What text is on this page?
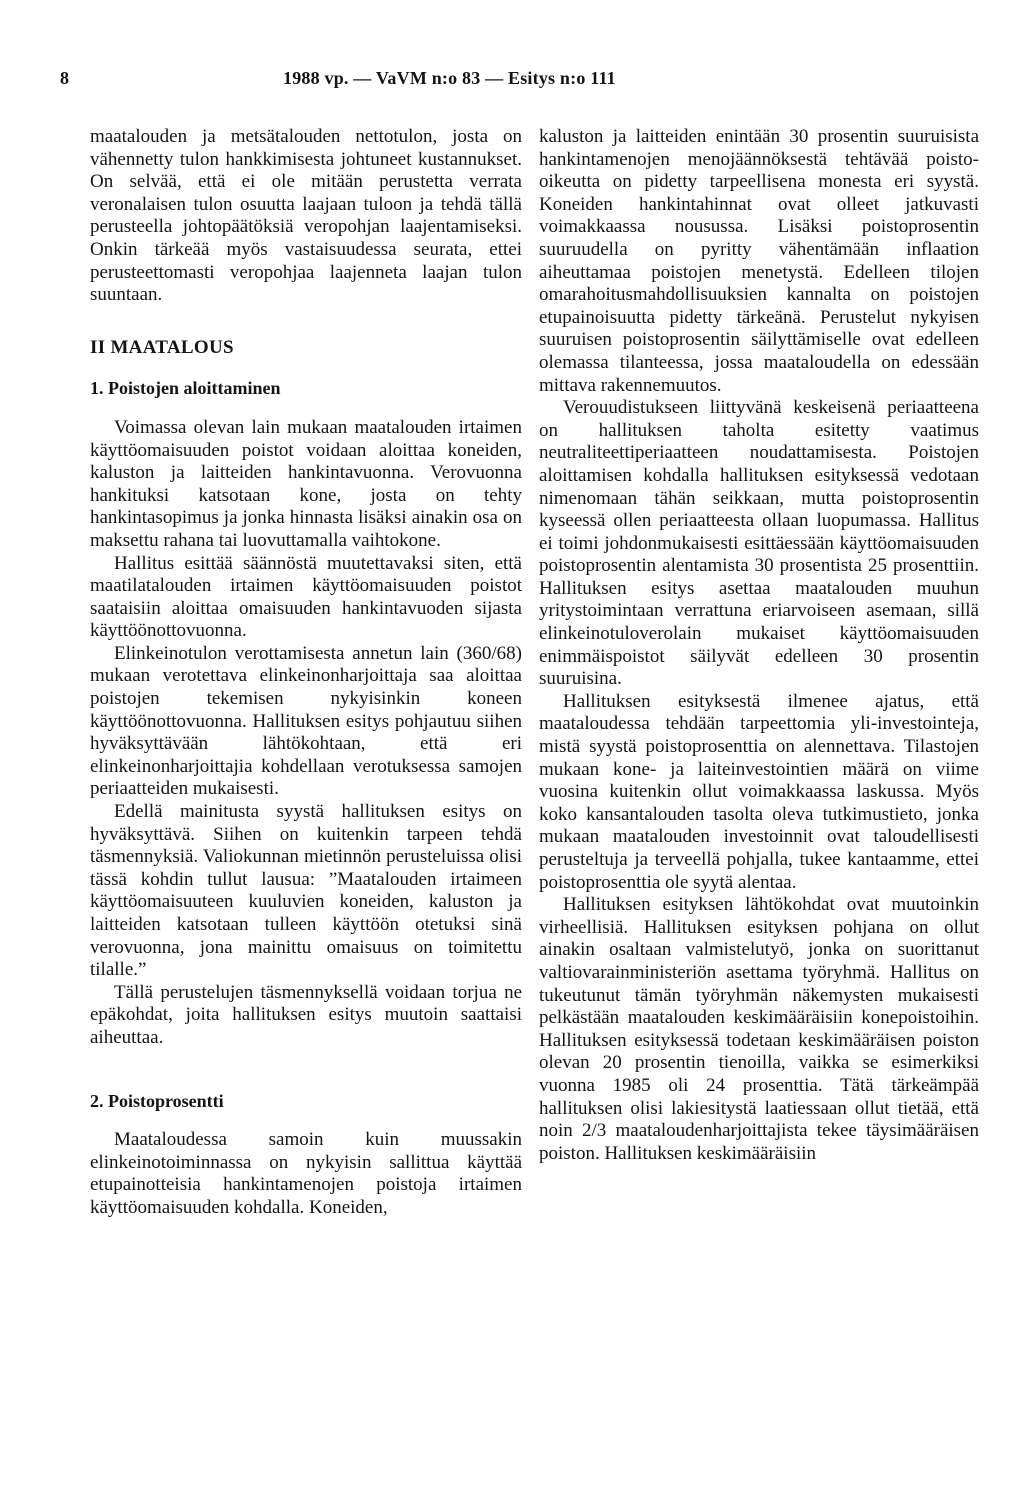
8	1988 vp. — VaVM n:o 83 — Esitys n:o 111

maatalouden ja metsätalouden nettotulon, josta on vähennetty tulon hankkimisesta johtuneet kustannukset. On selvää, että ei ole mitään perustetta verrata veronalaisen tulon osuutta laajaan tuloon ja tehdä tällä perusteella johtopäätöksiä veropohjan laajentamiseksi. Onkin tärkeää myös vastaisuudessa seurata, ettei perusteettomasti veropohjaa laajenneta laajan tulon suuntaan.

II MAATALOUS
1. Poistojen aloittaminen

Voimassa olevan lain mukaan maatalouden irtaimen käyttöomaisuuden poistot voidaan aloittaa koneiden, kaluston ja laitteiden hankintavuonna. Verovuonna hankituksi katsotaan kone, josta on tehty hankintasopimus ja jonka hinnasta lisäksi ainakin osa on maksettu rahana tai luovuttamalla vaihtokone.

Hallitus esittää säännöstä muutettavaksi siten, että maatilatalouden irtaimen käyttöomaisuuden poistot saataisiin aloittaa omaisuuden hankintavuoden sijasta käyttöönottovuonna.

Elinkeinotulon verottamisesta annetun lain (360/68) mukaan verotettava elinkeinonharjoittaja saa aloittaa poistojen tekemisen nykyisinkin koneen käyttöönottovuonna. Hallituksen esitys pohjautuu siihen hyväksyttävään lähtökohtaan, että eri elinkeinonharjoittajia kohdellaan verotuksessa samojen periaatteiden mukaisesti.

Edellä mainitusta syystä hallituksen esitys on hyväksyttävä. Siihen on kuitenkin tarpeen tehdä täsmennyksiä. Valiokunnan mietinnön perusteluissa olisi tässä kohdin tullut lausua: ”Maatalouden irtaimeen käyttöomaisuuteen kuuluvien koneiden, kaluston ja laitteiden katsotaan tulleen käyttöön otetuksi sinä verovuonna, jona mainittu omaisuus on toimitettu tilalle.”

Tällä perustelujen täsmennyksellä voidaan torjua ne epäkohdat, joita hallituksen esitys muutoin saattaisi aiheuttaa.

2. Poistoprosentti

Maataloudessa samoin kuin muussakin elinkeinotoiminnassa on nykyisin sallittua käyttää etupainotteisia hankintamenojen poistoja irtaimen käyttöomaisuuden kohdalla. Koneiden,

kaluston ja laitteiden enintään 30 prosentin suuruisista hankintamenojen menojäännöksestä tehtävää poisto-oikeutta on pidetty tarpeellisena monesta eri syystä. Koneiden hankintahinnat ovat olleet jatkuvasti voimakkaassa nousussa. Lisäksi poistoprosentin suuruudella on pyritty vähentämään inflaation aiheuttamaa poistojen menetystä. Edelleen tilojen omarahoitusmahdollisuuksien kannalta on poistojen etupainoisuutta pidetty tärkeänä. Perustelut nykyisen suuruisen poistoprosentin säilyttämiselle ovat edelleen olemassa tilanteessa, jossa maataloudella on edessään mittava rakennemuutos.

Verouudistukseen liittyvänä keskeisenä periaatteena on hallituksen taholta esitetty vaatimus neutraliteettiperiaatteen noudattamisesta. Poistojen aloittamisen kohdalla hallituksen esityksessä vedotaan nimenomaan tähän seikkaan, mutta poistoprosentin kyseessä ollen periaatteesta ollaan luopumassa. Hallitus ei toimi johdonmukaisesti esittäessään käyttöomaisuuden poistoprosentin alentamista 30 prosentista 25 prosenttiin. Hallituksen esitys asettaa maatalouden muuhun yritystoimintaan verrattuna eriarvoiseen asemaan, sillä elinkeinotuloverolain mukaiset käyttöomaisuuden enimmäispoistot säilyvät edelleen 30 prosentin suuruisina.

Hallituksen esityksestä ilmenee ajatus, että maataloudessa tehdään tarpeettomia yli-investointeja, mistä syystä poistoprosenttia on alennettava. Tilastojen mukaan kone- ja laiteinvestointien määrä on viime vuosina kuitenkin ollut voimakkaassa laskussa. Myös koko kansantalouden tasolta oleva tutkimustieto, jonka mukaan maatalouden investoinnit ovat taloudellisesti perusteltuja ja terveellä pohjalla, tukee kantaamme, ettei poistoprosenttia ole syytä alentaa.

Hallituksen esityksen lähtökohdat ovat muutoinkin virheellisiä. Hallituksen esityksen pohjana on ollut ainakin osaltaan valmistelutyö, jonka on suorittanut valtiovarainministeriön asettama työryhmä. Hallitus on tukeutunut tämän työryhmän näkemysten mukaisesti pelkästään maatalouden keskimääräisiin konepoistoihin. Hallituksen esityksessä todetaan keskimääräisen poiston olevan 20 prosentin tienoilla, vaikka se esimerkiksi vuonna 1985 oli 24 prosenttia. Tätä tärkeämpää hallituksen olisi lakiesitystä laatiessaan ollut tietää, että noin 2/3 maataloudenharjoittajista tekee täysimääräisen poiston. Hallituksen keskimääräisiin
